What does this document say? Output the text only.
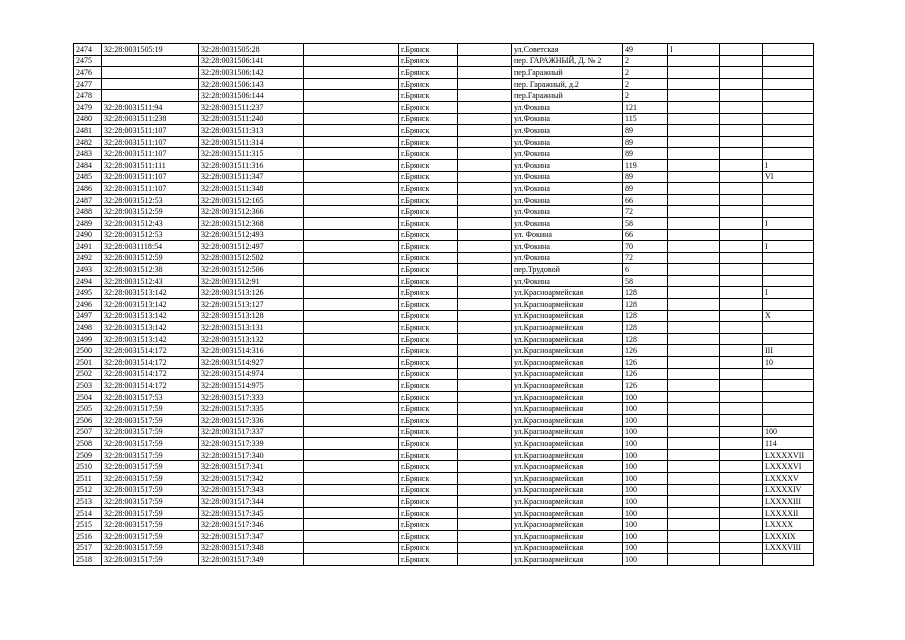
2474	32:28:0031505:19	32:28:0031505:28		г.Брянск		ул.Советская	49	I		
2475		32:28:0031506:141		г.Брянск		пер. ГАРАЖНЫЙ, Д. № 2	2			
2476		32:28:0031506:142		г.Брянск		пер.Гаражный	2			
2477		32:28:0031506:143		г.Брянск		пер. Гаражный, д.2	2			
2478		32:28:0031506:144		г.Брянск		пер.Гаражный	2			
2479	32:28:0031511:94	32:28:0031511:237		г.Брянск		ул.Фокина	121			
2480	32:28:0031511:238	32:28:0031511:240		г.Брянск		ул.Фокина	115			
2481	32:28:0031511:107	32:28:0031511:313		г.Брянск		ул.Фокина	89			
2482	32:28:0031511:107	32:28:0031511:314		г.Брянск		ул.Фокина	89			
2483	32:28:0031511:107	32:28:0031511:315		г.Брянск		ул.Фокина	89			
2484	32:28:0031511:111	32:28:0031511:316		г.Брянск		ул.Фокина	119			I
2485	32:28:0031511:107	32:28:0031511:347		г.Брянск		ул.Фокина	89			VI
2486	32:28:0031511:107	32:28:0031511:348		г.Брянск		ул.Фокина	89			
2487	32:28:0031512:53	32:28:0031512:165		г.Брянск		ул.Фокина	66			
2488	32:28:0031512:59	32:28:0031512:366		г.Брянск		ул.Фокина	72			
2489	32:28:0031512:43	32:28:0031512:368		г.Брянск		ул.Фокина	58			I
2490	32:28:0031512:53	32:28:0031512:493		г.Брянск		ул. Фокина	66			
2491	32:28:0031118:54	32:28:0031512:497		г.Брянск		ул.Фокина	70			I
2492	32:28:0031512:59	32:28:0031512:502		г.Брянск		ул.Фокина	72			
2493	32:28:0031512:38	32:28:0031512:506		г.Брянск		пер.Трудовой	6			
2494	32:28:0031512:43	32:28:0031512:91		г.Брянск		ул.Фокина	58			
2495	32:28:0031513:142	32:28:0031513:126		г.Брянск		ул.Красноармейская	128			I
2496	32:28:0031513:142	32:28:0031513:127		г.Брянск		ул.Красноармейская	128			
2497	32:28:0031513:142	32:28:0031513:128		г.Брянск		ул.Красноармейская	128			X
2498	32:28:0031513:142	32:28:0031513:131		г.Брянск		ул.Красноармейская	128			
2499	32:28:0031513:142	32:28:0031513:132		г.Брянск		ул.Красноармейская	128			
2500	32:28:0031514:172	32:28:0031514:316		г.Брянск		ул.Красноармейская	126			III
2501	32:28:0031514:172	32:28:0031514:927		г.Брянск		ул.Красноармейская	126			10
2502	32:28:0031514:172	32:28:0031514:974		г.Брянск		ул.Красноармейская	126			
2503	32:28:0031514:172	32:28:0031514:975		г.Брянск		ул.Красноармейская	126			
2504	32:28:0031517:53	32:28:0031517:333		г.Брянск		ул.Красноармейская	100			
2505	32:28:0031517:59	32:28:0031517:335		г.Брянск		ул.Красноармейская	100			
2506	32:28:0031517:59	32:28:0031517:336		г.Брянск		ул.Красноармейская	100			
2507	32:28:0031517:59	32:28:0031517:337		г.Брянск		ул.Красноармейская	100			100
2508	32:28:0031517:59	32:28:0031517:339		г.Брянск		ул.Красноармейская	100			114
2509	32:28:0031517:59	32:28:0031517:340		г.Брянск		ул.Красноармейская	100			LXXXXVII
2510	32:28:0031517:59	32:28:0031517:341		г.Брянск		ул.Красноармейская	100			LXXXXVI
2511	32:28:0031517:59	32:28:0031517:342		г.Брянск		ул.Красноармейская	100			LXXXXV
2512	32:28:0031517:59	32:28:0031517:343		г.Брянск		ул.Красноармейская	100			LXXXXIV
2513	32:28:0031517:59	32:28:0031517:344		г.Брянск		ул.Красноармейская	100			LXXXXIII
2514	32:28:0031517:59	32:28:0031517:345		г.Брянск		ул.Красноармейская	100			LXXXXII
2515	32:28:0031517:59	32:28:0031517:346		г.Брянск		ул.Красноармейская	100			LXXXX
2516	32:28:0031517:59	32:28:0031517:347		г.Брянск		ул.Красноармейская	100			LXXXIX
2517	32:28:0031517:59	32:28:0031517:348		г.Брянск		ул.Красноармейская	100			LXXXVIII
2518	32:28:0031517:59	32:28:0031517:349		г.Брянск		ул.Красноармейская	100			
